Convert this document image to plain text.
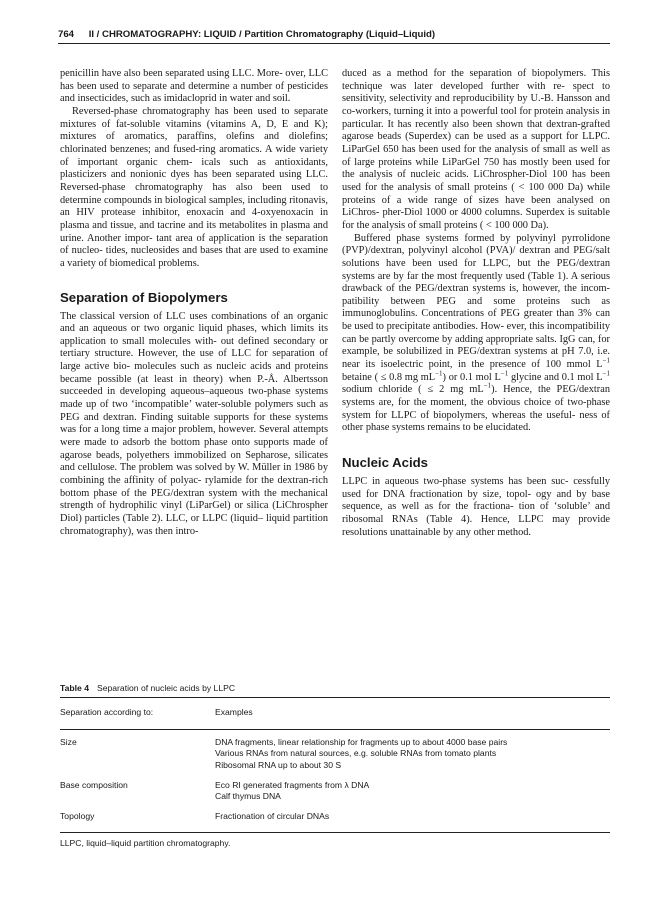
764 II / CHROMATOGRAPHY: LIQUID / Partition Chromatography (Liquid–Liquid)

penicillin have also been separated using LLC. More- over, LLC has been used to separate and determine a number of pesticides and insecticides, such as imidacloprid in water and soil.

Reversed-phase chromatography has been used to separate mixtures of fat-soluble vitamins (vitamins A, D, E and K); mixtures of aromatics, paraffins, olefins and diolefins; chlorinated benzenes; and fused-ring aromatics. A wide variety of important organic chem- icals such as antioxidants, plasticizers and nonionic dyes has been separated using LLC. Reversed-phase chromatography has also been used to determine compounds in biological samples, including ritonavis, an HIV protease inhibitor, enoxacin and 4-oxyenoxacin in plasma and tissue, and tacrine and its metabolites in plasma and urine. Another impor- tant area of application is the separation of nucleo- tides, nucleosides and bases that are used to examine a variety of biomedical problems.

Separation of Biopolymers

The classical version of LLC uses combinations of an organic and an aqueous or two organic liquid phases, which limits its application to small molecules with- out defined secondary or tertiary structure. However, the use of LLC for separation of large active bio- molecules such as nucleic acids and proteins became possible (at least in theory) when P.-Å. Albertsson succeeded in developing aqueous–aqueous two-phase systems made up of two ‘incompatible’ water-soluble polymers such as PEG and dextran. Finding suitable supports for these systems was for a long time a major problem, however. Several attempts were made to adsorb the bottom phase onto supports made of agarose beads, polyethers immobilized on Sepharose, silicates and cellulose. The problem was solved by W. Müller in 1986 by combining the affinity of polyac- rylamide for the dextran-rich bottom phase of the PEG/dextran system with the mechanical strength of hydrophilic vinyl (LiParGel) or silica (LiChrospher Diol) particles (Table 2). LLC, or LLPC (liquid– liquid partition chromatography), was then intro-

duced as a method for the separation of biopolymers. This technique was later developed further with re- spect to sensitivity, selectivity and reproducibility by U.-B. Hansson and co-workers, turning it into a powerful tool for protein analysis in particular. It has recently also been shown that dextran-grafted agarose beads (Superdex) can be used as a support for LLPC. LiParGel 650 has been used for the analysis of small as well as of large proteins while LiParGel 750 has mostly been used for the analysis of nucleic acids. LiChrospher-Diol 100 has been used for the analysis of small proteins ( < 100 000 Da) while proteins of a wide range of sizes have been analysed on LiChros- pher-Diol 1000 or 4000 columns. Superdex is suitable for the analysis of small proteins ( < 100 000 Da).

Buffered phase systems formed by polyvinyl pyrrolidone (PVP)/dextran, polyvinyl alcohol (PVA)/ dextran and PEG/salt solutions have been used for LLPC, but the PEG/dextran systems are by far the most frequently used (Table 1). A serious drawback of the PEG/dextran systems is, however, the incom- patibility between PEG and some proteins such as immunoglobulins. Concentrations of PEG greater than 3% can be used to precipitate antibodies. How- ever, this incompatibility can be partly overcome by adding appropriate salts. IgG can, for example, be solubilized in PEG/dextran systems at pH 7.0, i.e. near its isoelectric point, in the presence of 100 mmol $L^{-1}$ betaine ( ≤ 0.8 mg $mL^{-1}$) or 0.1 mol $L^{-1}$ glycine and 0.1 mol $L^{-1}$ sodium chloride ( ≤ 2 mg $mL^{-1}$). Hence, the PEG/dextran systems are, for the moment, the obvious choice of two-phase system for LLPC of biopolymers, whereas the useful- ness of other phase systems remains to be elucidated.

Nucleic Acids

LLPC in aqueous two-phase systems has been suc- cessfully used for DNA fractionation by size, topol- ogy and by base sequence, as well as for the fractiona- tion of ‘soluble’ and ribosomal RNAs (Table 4). Hence, LLPC may provide resolutions unattainable by any other method.

Table 4 Separation of nucleic acids by LLPC
Separation according to:	Examples
Size	DNA fragments, linear relationship for fragments up to about 4000 base pairs
Various RNAs from natural sources, e.g. soluble RNAs from tomato plants
Ribosomal RNA up to about 30 S
Base composition	Eco RI generated fragments from λ DNA
Calf thymus DNA
Topology	Fractionation of circular DNAs
LLPC, liquid–liquid partition chromatography.
